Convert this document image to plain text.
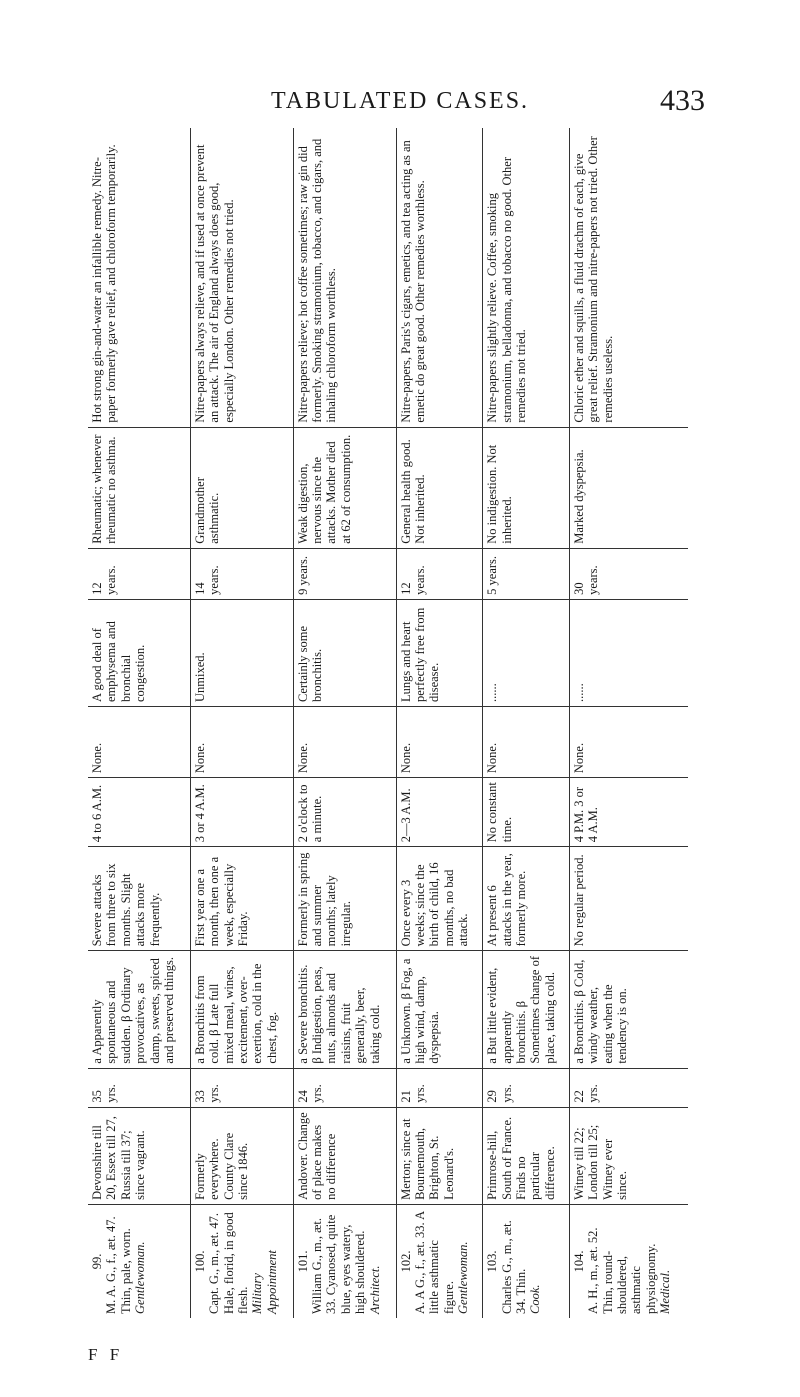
TABULATED CASES.	433
99. M. A. G., f., æt. 47. Thin, pale, worn. Gentlewoman.	Devonshire till 20, Essex till 27, Russia till 37; since vagrant.	35 yrs.	a Apparently spontaneous and sudden. β Ordinary provocatives, as damp, sweets, spiced and preserved things.	Severe attacks from three to six months. Slight attacks more frequently.	4 to 6 A.M.	None.	A good deal of emphysema and bronchial congestion.	12 years.	Rheumatic; whenever rheumatic no asthma.	Hot strong gin-and-water an infallible remedy. Nitre-paper formerly gave relief, and chloroform temporarily.

100. Capt. G., m., æt. 47. Hale, florid, in good flesh. Military Appointment	Formerly everywhere. County Clare since 1846.	33 yrs.	a Bronchitis from cold. β Late full mixed meal, wines, excitement, over-exertion, cold in the chest, fog.	First year one a month, then one a week, especially Friday.	3 or 4 A.M.	None.	Unmixed.	14 years.	Grandmother asthmatic.	Nitre-papers always relieve, and if used at once prevent an attack. The air of England always does good, especially London. Other remedies not tried.

101. William G., m., æt. 33. Cyanosed, quite blue, eyes watery, high shouldered. Architect.	Andover. Change of place makes no difference	24 yrs.	a Severe bronchitis. β Indigestion, peas, nuts, almonds and raisins, fruit generally, beer, taking cold.	Formerly in spring and summer months; lately irregular.	2 o'clock to a minute.	None.	Certainly some bronchitis.	9 years.	Weak digestion, nervous since the attacks. Mother died at 62 of consumption.	Nitre-papers relieve; hot coffee sometimes; raw gin did formerly. Smoking stramonium, tobacco, and cigars, and inhaling chloroform worthless.

102. A. A G., f., æt. 33. A little asthmatic figure. Gentlewoman.	Merton; since at Bournemouth, Brighton, St. Leonard's.	21 yrs.	a Unknown. β Fog, a high wind, damp, dyspepsia.	Once every 3 weeks; since the birth of child, 16 months, no bad attack.	2—3 A.M.	None.	Lungs and heart perfectly free from disease.	12 years.	General health good. Not inherited.	Nitre-papers, Paris's cigars, emetics, and tea acting as an emetic do great good. Other remedies worthless.

103. Charles G., m., æt. 34. Thin. Cook.	Primrose-hill, South of France. Finds no particular difference.	29 yrs.	a But little evident, apparently bronchitis. β Sometimes change of place, taking cold.	At present 6 attacks in the year, formerly more.	No constant time.	None.	......	5 years.	No indigestion. Not inherited.	Nitre-papers slightly relieve. Coffee, smoking stramonium, belladonna, and tobacco no good. Other remedies not tried.

104. A. H., m., æt. 52. Thin, round-shouldered, asthmatic physiognomy. Medical.	Witney till 22; London till 25; Witney ever since.	22 yrs.	a Bronchitis. β Cold, windy weather, eating when the tendency is on.	No regular period.	4 P.M. 3 or 4 A.M.	None.	......	30 years.	Marked dyspepsia.	Chloric ether and squills, a fluid drachm of each, give great relief. Stramonium and nitre-papers not tried. Other remedies useless.
F F
